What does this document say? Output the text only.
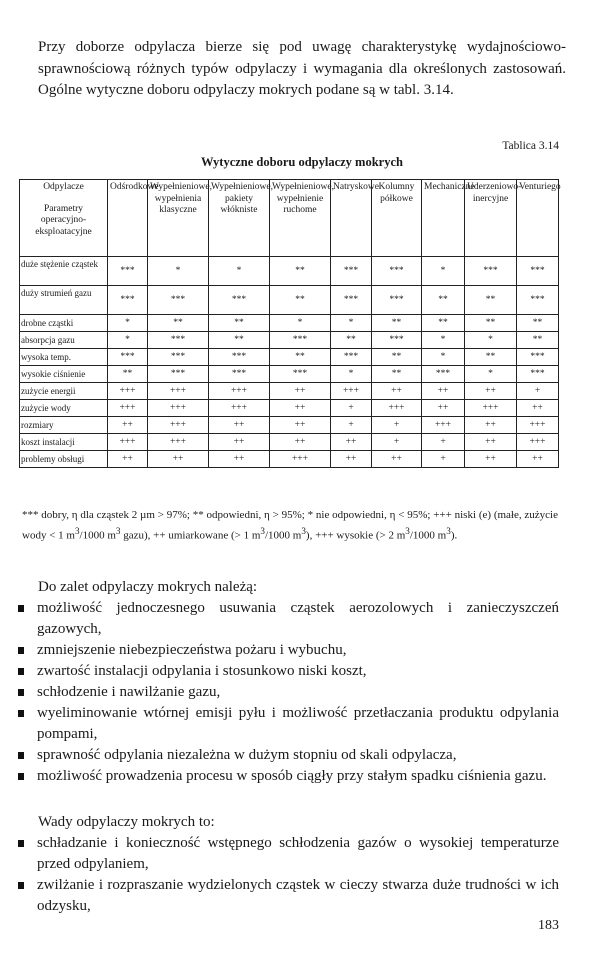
Przy doborze odpylacza bierze się pod uwagę charakterystykę wydajnościowo-sprawnościową różnych typów odpylaczy i wymagania dla określonych zastosowań. Ogólne wytyczne doboru odpylaczy mokrych podane są w tabl. 3.14.

Tablica 3.14

Wytyczne doboru odpylaczy mokrych

Odpylacze
Parametry operacyjno-eksploatacyjne	Odśrodkowe	Wypełnieniowe, wypełnienia klasyczne	Wypełnieniowe, pakiety włókniste	Wypełnieniowe, wypełnienie ruchome	Natryskowe	Kolumny półkowe	Mechaniczne	Uderzeniowo-inercyjne	Venturiego
duże stężenie cząstek	***	*	*	**	***	***	*	***	***
duży strumień gazu	***	***	***	**	***	***	**	**	***
drobne cząstki	*	**	**	*	*	**	**	**	**
absorpcja gazu	*	***	**	***	**	***	*	*	**
wysoka temp.	***	***	***	**	***	**	*	**	***
wysokie ciśnienie	**	***	***	***	*	**	***	*	***
zużycie energii	+++	+++	+++	++	+++	++	++	++	+
zużycie wody	+++	+++	+++	++	+	+++	++	+++	++
rozmiary	++	+++	++	++	+	+	+++	++	+++
koszt instalacji	+++	+++	++	++	++	+	+	++	+++
problemy obsługi	++	++	++	+++	++	++	+	++	++

*** dobry, η dla cząstek 2 µm > 97%; ** odpowiedni, η > 95%; * nie odpowiedni, η < 95%; +++ niski (e) (małe, zużycie wody < 1 $m^3/1000$ $m^3$ gazu), ++ umiarkowane (> 1 $m^3/1000$ $m^3$), +++ wysokie (> 2 $m^3/1000$ $m^3$).

Do zalet odpylaczy mokrych należą:

możliwość jednoczesnego usuwania cząstek aerozolowych i zanieczyszczeń gazowych,
zmniejszenie niebezpieczeństwa pożaru i wybuchu,
zwartość instalacji odpylania i stosunkowo niski koszt,
schłodzenie i nawilżanie gazu,
wyeliminowanie wtórnej emisji pyłu i możliwość przetłaczania produktu odpylania pompami,
sprawność odpylania niezależna w dużym stopniu od skali odpylacza,
możliwość prowadzenia procesu w sposób ciągły przy stałym spadku ciśnienia gazu.

Wady odpylaczy mokrych to:

schładzanie i konieczność wstępnego schłodzenia gazów o wysokiej temperaturze przed odpylaniem,
zwilżanie i rozpraszanie wydzielonych cząstek w cieczy stwarza duże trudności w ich odzysku,

183
